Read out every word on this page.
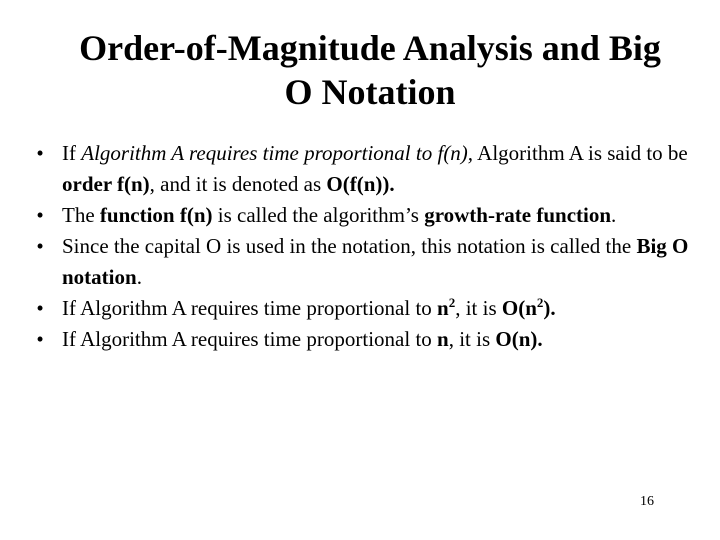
Order-of-Magnitude Analysis and Big
O Notation
• If Algorithm A requires time proportional to f(n), Algorithm A is said to be order f(n), and it is denoted as O(f(n)).
• The function f(n) is called the algorithm’s growth-rate function.
• Since the capital O is used in the notation, this notation is called the Big O notation.
• If Algorithm A requires time proportional to $n^2$, it is $O(n^2)$.
• If Algorithm A requires time proportional to n, it is O(n).
16
